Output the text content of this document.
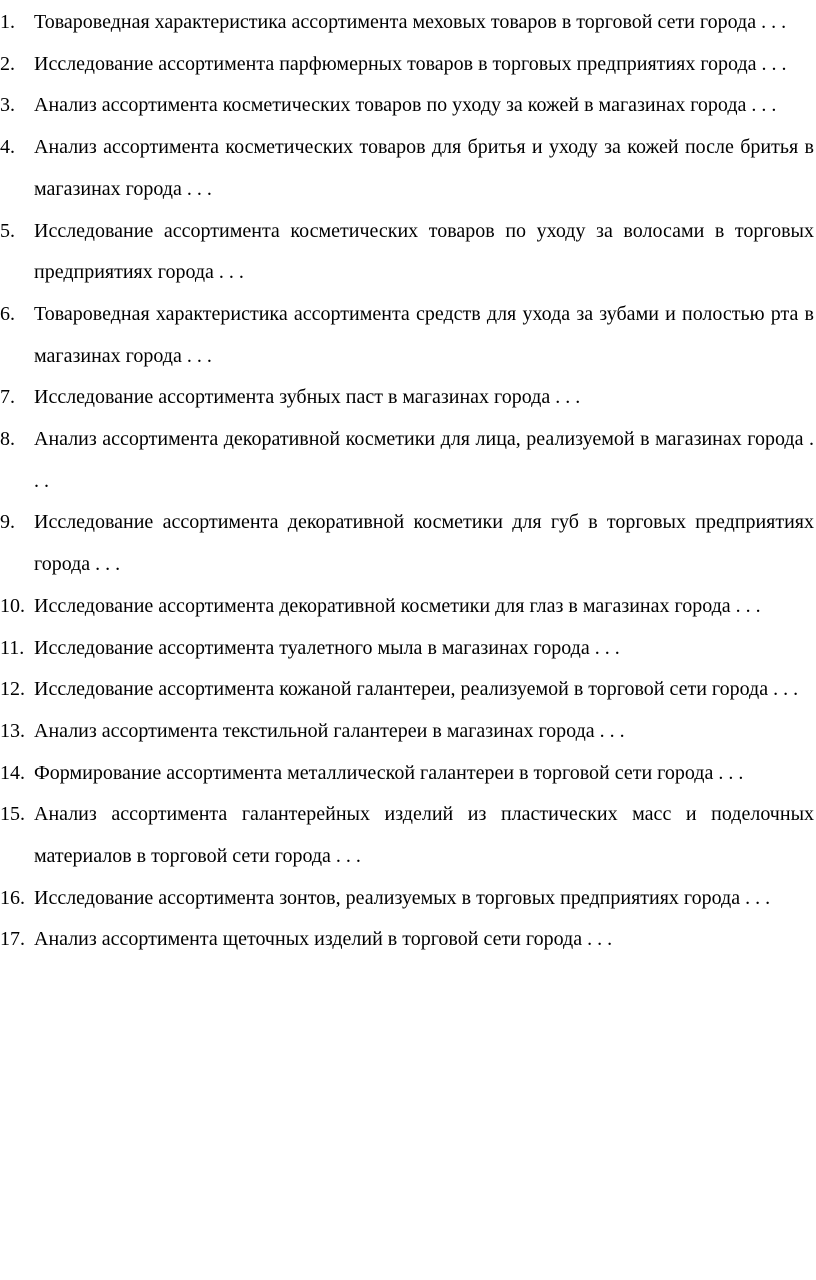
1. Товароведная характеристика ассортимента меховых товаров в торговой сети города . . .
2. Исследование ассортимента парфюмерных товаров в торговых предприятиях города . . .
3. Анализ ассортимента косметических товаров по уходу за кожей в магазинах города . . .
4. Анализ ассортимента косметических товаров для бритья и уходу за кожей после бритья в магазинах города . . .
5. Исследование ассортимента косметических товаров по уходу за волосами в торговых предприятиях города . . .
6. Товароведная характеристика ассортимента средств для ухода за зубами и полостью рта в магазинах города . . .
7. Исследование ассортимента зубных паст в магазинах города . . .
8. Анализ ассортимента декоративной косметики для лица, реализуемой в магазинах города . . .
9. Исследование ассортимента декоративной косметики для губ в торговых предприятиях города . . .
10. Исследование ассортимента декоративной косметики для глаз в магазинах города . . .
11. Исследование ассортимента туалетного мыла в магазинах города . . .
12. Исследование ассортимента кожаной галантереи, реализуемой в торговой сети города . . .
13. Анализ ассортимента текстильной галантереи в магазинах города . . .
14. Формирование ассортимента металлической галантереи в торговой сети города . . .
15. Анализ ассортимента галантерейных изделий из пластических масс и поделочных материалов в торговой сети города . . .
16. Исследование ассортимента зонтов, реализуемых в торговых предприятиях города . . .
17. Анализ ассортимента щеточных изделий в торговой сети города . . .
